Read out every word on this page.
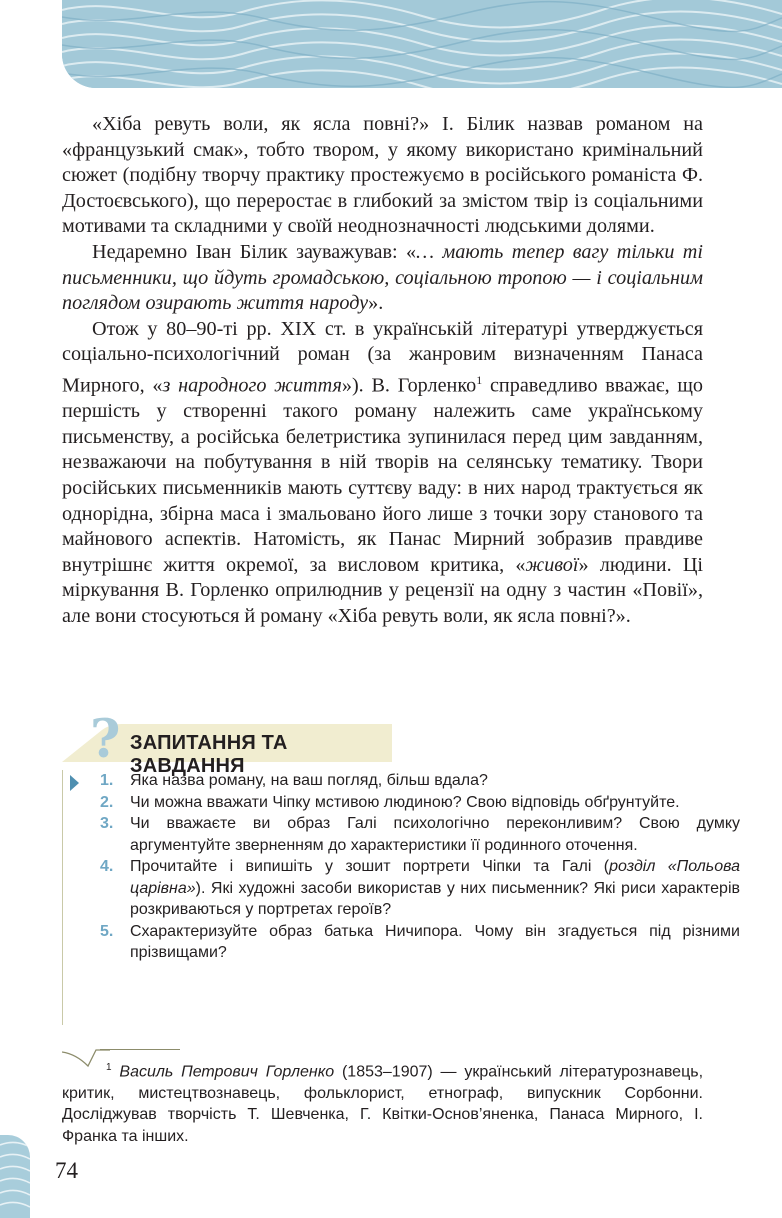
«Хіба ревуть воли, як ясла повні?» І. Білик назвав романом на «французький смак», тобто твором, у якому використано кримінальний сюжет (подібну творчу практику простежуємо в російського романіста Ф. Достоєвського), що переростає в глибокий за змістом твір із соціальними мотивами та складними у своїй неоднозначності людськими долями.

Недаремно Іван Білик зауважував: «… мають тепер вагу тільки ті письменники, що йдуть громадською, соціальною тропою — і соціальним поглядом озирають життя народу».

Отож у 80–90-ті рр. XIX ст. в українській літературі утверджується соціально-психологічний роман (за жанровим визначенням Панаса Мирного, «з народного життя»). В. Горленко$^1$ справедливо вважає, що першість у створенні такого роману належить саме українському письменству, а російська белетристика зупинилася перед цим завданням, незважаючи на побутування в ній творів на селянську тематику. Твори російських письменників мають суттєву ваду: в них народ трактується як однорідна, збірна маса і змальовано його лише з точки зору станового та майнового аспектів. Натомість, як Панас Мирний зобразив правдиве внутрішнє життя окремої, за висловом критика, «живої» людини. Ці міркування В. Горленко оприлюднив у рецензії на одну з частин «Повії», але вони стосуються й роману «Хіба ревуть воли, як ясла повні?».

? ЗАПИТАННЯ ТА ЗАВДАННЯ
1. Яка назва роману, на ваш погляд, більш вдала?
2. Чи можна вважати Чіпку мстивою людиною? Свою відповідь обґрунтуйте.
3. Чи вважаєте ви образ Галі психологічно переконливим? Свою думку аргументуйте зверненням до характеристики її родинного оточення.
4. Прочитайте і випишіть у зошит портрети Чіпки та Галі (розділ «Польова царівна»). Які художні засоби використав у них письменник? Які риси характерів розкриваються у портретах героїв?
5. Схарактеризуйте образ батька Ничипора. Чому він згадується під різними прізвищами?
$^1$ Василь Петрович Горленко (1853–1907) — український літературознавець, критик, мистецтвознавець, фольклорист, етнограф, випускник Сорбонни. Досліджував творчість Т. Шевченка, Г. Квітки-Основ’яненка, Панаса Мирного, І. Франка та інших.
74
